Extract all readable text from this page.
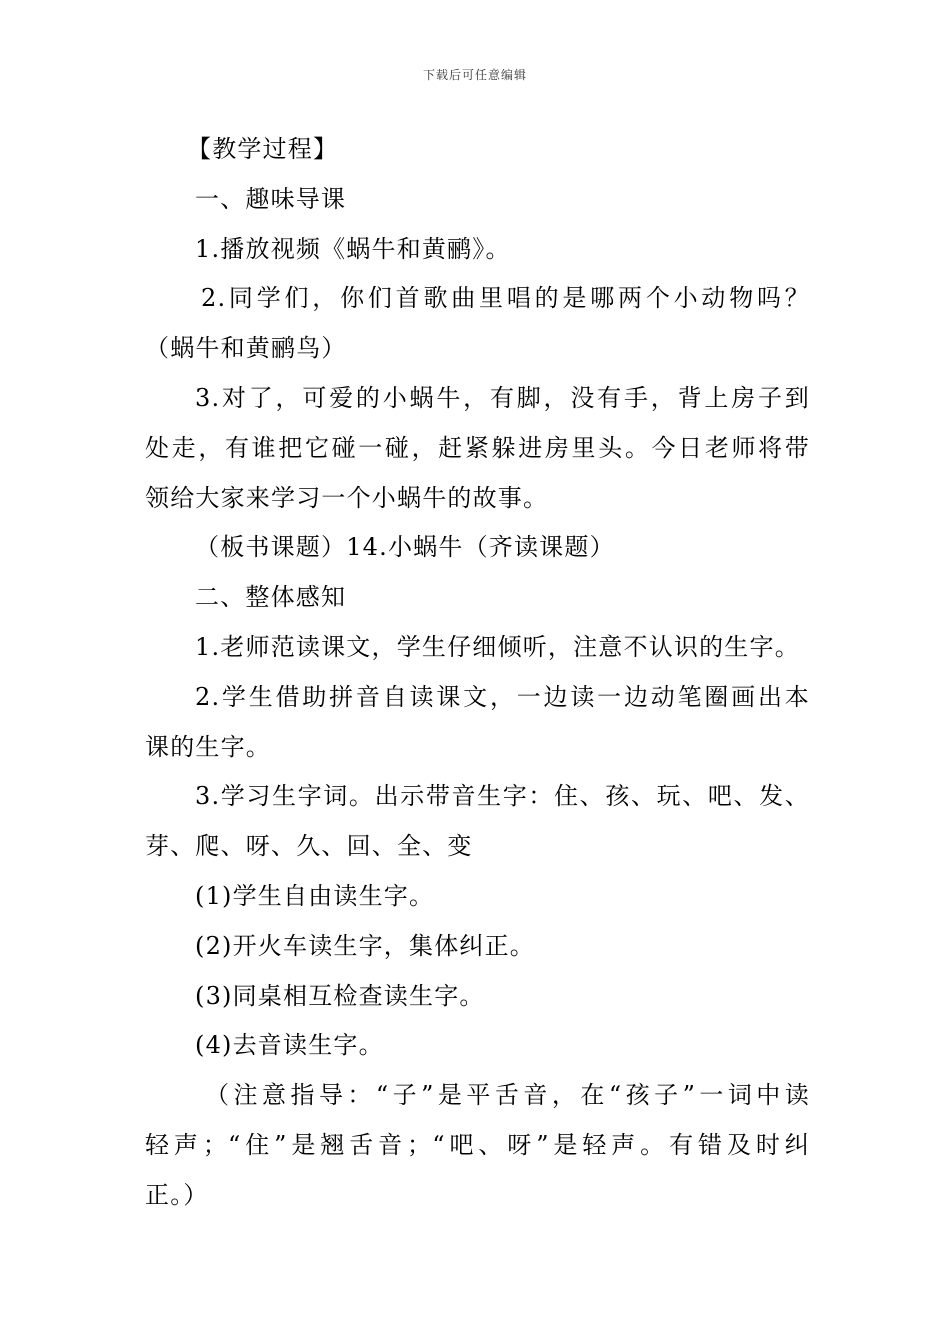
下载后可任意编辑
【教学过程】
一、趣味导课
1.播放视频《蜗牛和黄鹂》。
2.同学们，你们首歌曲里唱的是哪两个小动物吗？
（蜗牛和黄鹂鸟）
3.对了，可爱的小蜗牛，有脚，没有手，背上房子到
处走，有谁把它碰一碰，赶紧躲进房里头。今日老师将带
领给大家来学习一个小蜗牛的故事。
（板书课题）14.小蜗牛（齐读课题）
二、整体感知
1.老师范读课文，学生仔细倾听，注意不认识的生字。
2.学生借助拼音自读课文，一边读一边动笔圈画出本
课的生字。
3.学习生字词。出示带音生字：住、孩、玩、吧、发、
芽、爬、呀、久、回、全、变
(1)学生自由读生字。
(2)开火车读生字，集体纠正。
(3)同桌相互检查读生字。
(4)去音读生字。
（注意指导：“子”是平舌音，在“孩子”一词中读
轻声；“住”是翘舌音；“吧、呀”是轻声。有错及时纠
正。）
